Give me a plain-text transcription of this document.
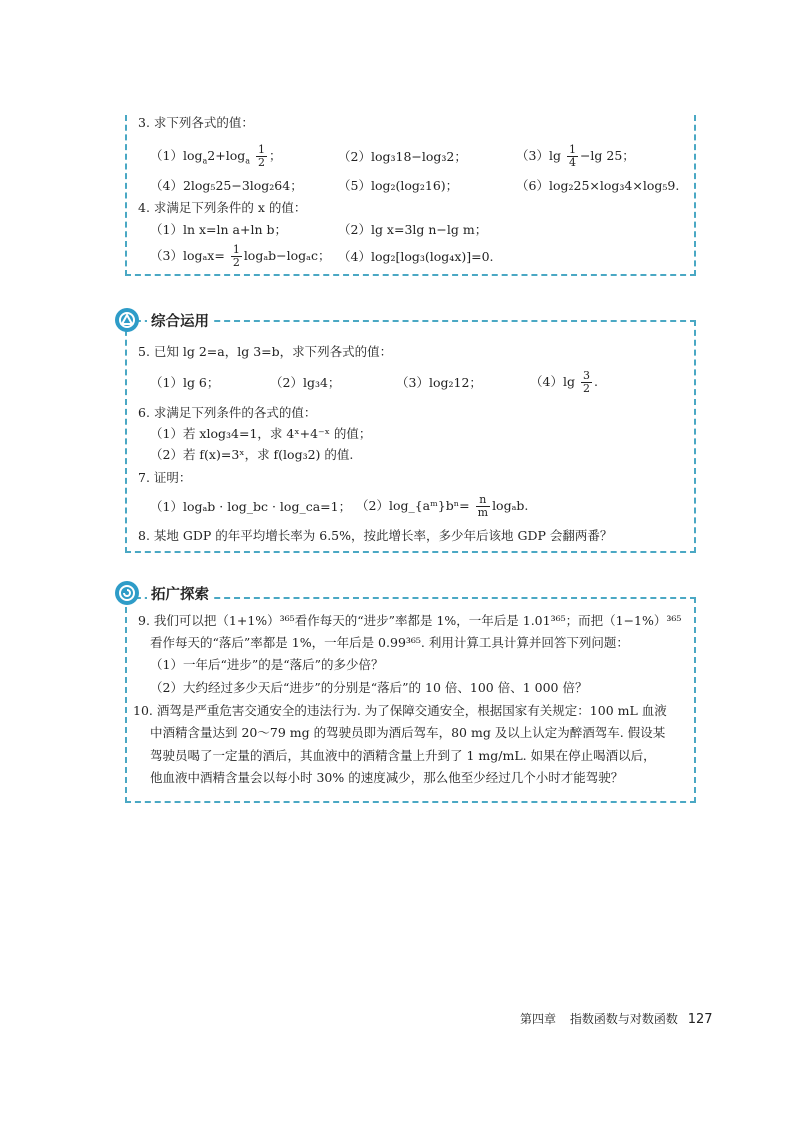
3. 求下列各式的值：
$(1)\log_a2+\log_a \frac{1}{2}$ ；	（2）log₃18−log₃2；	$(3)\lg \frac{1}{4} -\lg$ 25；
（4）2log₅25−3log₂64；	（5）log₂(log₂16)；	（6）log₂25×log₃4×log₅9.
4. 求满足下列条件的 x 的值：
（1）ln x=ln a+ln b；	（2）lg x=3lg n−lg m；
$(3)\log_ax= \frac{1}{2} \log_ab-\log_ac$； （4）log₂[log₃(log₄x)]=0.
综合运用
5. 已知 lg 2=a，lg 3=b，求下列各式的值：
（1）lg 6；	（2）lg₃4；	（3）log₂12；	$(4)\lg \frac{3}{2}$ .
6. 求满足下列条件的各式的值：
（1）若 xlog₃4=1，求 4ˣ+4⁻ˣ 的值；
（2）若 f(x)=3ˣ，求 f(log₃2) 的值.
7. 证明：
（1）logₐb · log_bc · log_ca=1； （2）log_{aᵐ}bⁿ= $\frac{n}{m} \log_ab$.
8. 某地 GDP 的年平均增长率为 6.5%，按此增长率，多少年后该地 GDP 会翻两番？
拓广探索
9. 我们可以把（1+1%）³⁶⁵看作每天的“进步”率都是 1%，一年后是 1.01³⁶⁵；而把（1−1%）³⁶⁵
看作每天的“落后”率都是 1%，一年后是 0.99³⁶⁵. 利用计算工具计算并回答下列问题：
（1）一年后“进步”的是“落后”的多少倍？
（2）大约经过多少天后“进步”的分别是“落后”的 10 倍、100 倍、1 000 倍？
10. 酒驾是严重危害交通安全的违法行为. 为了保障交通安全，根据国家有关规定：100 mL 血液
中酒精含量达到 20～79 mg 的驾驶员即为酒后驾车，80 mg 及以上认定为醉酒驾车. 假设某
驾驶员喝了一定量的酒后，其血液中的酒精含量上升到了 1 mg/mL. 如果在停止喝酒以后，
他血液中酒精含量会以每小时 30% 的速度减少，那么他至少经过几个小时才能驾驶？
第四章 指数函数与对数函数 127
